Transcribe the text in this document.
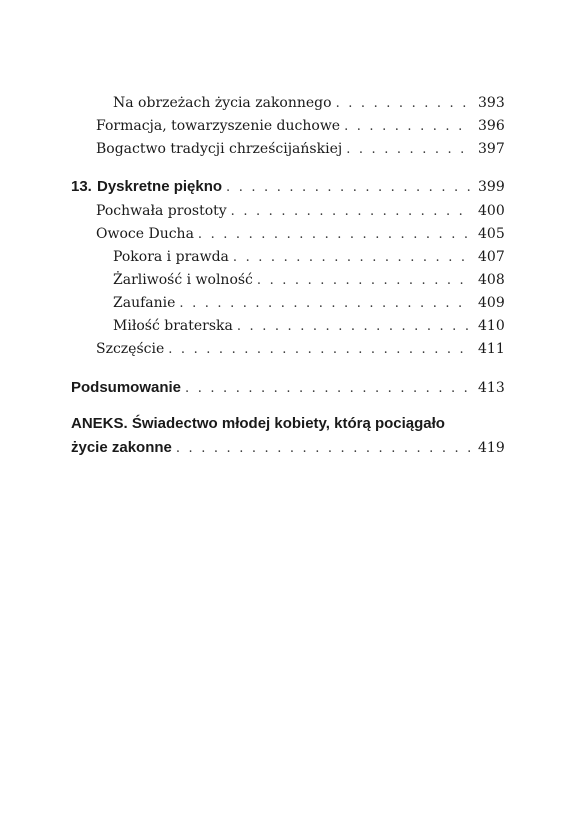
Na obrzeżach życia zakonnego . . .	393
Formacja, towarzyszenie duchowe . . .	396
Bogactwo tradycji chrześcijańskiej . . .	397
13. Dyskretne piękno . . .	399
Pochwała prostoty . . .	400
Owoce Ducha . . .	405
Pokora i prawda . . .	407
Żarliwość i wolność . . .	408
Zaufanie . . .	409
Miłość braterska . . .	410
Szczęście . . .	411
Podsumowanie . . .	413
ANEKS. Świadectwo młodej kobiety, którą pociągało
życie zakonne . . .	419
